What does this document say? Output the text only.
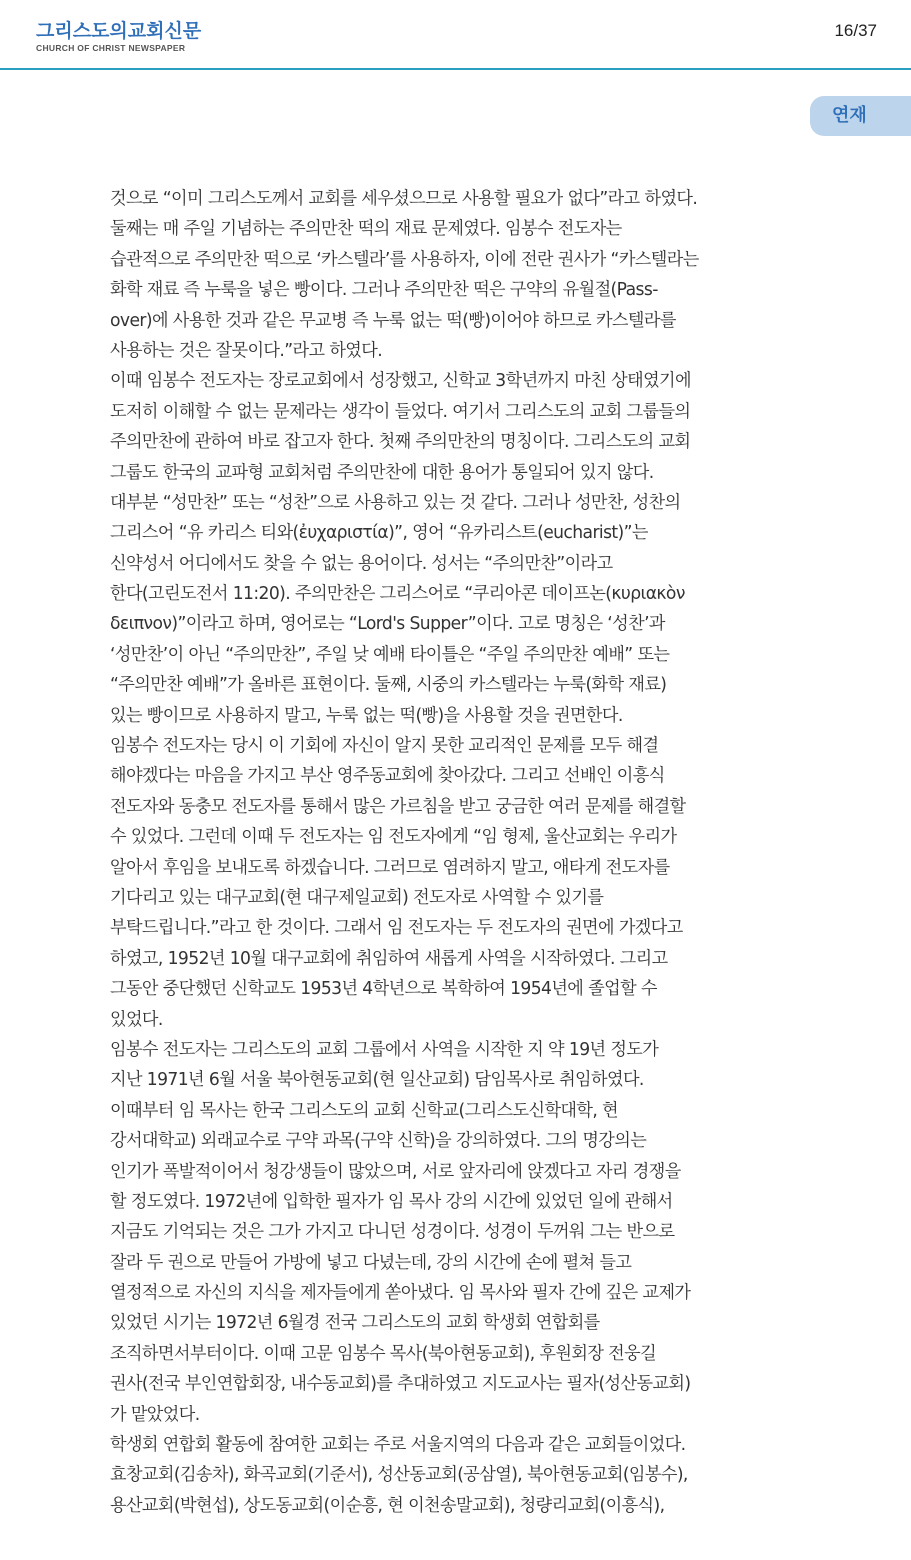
그리스도의교회신문
CHURCH OF CHRIST NEWSPAPER
16/37
연재
것으로 “이미 그리스도께서 교회를 세우셨으므로 사용할 필요가 없다”라고 하였다.
둘째는 매 주일 기념하는 주의만찬 떡의 재료 문제였다. 임봉수 전도자는
습관적으로 주의만찬 떡으로 ‘카스텔라’를 사용하자, 이에 전란 권사가 “카스텔라는
화학 재료 즉 누룩을 넣은 빵이다. 그러나 주의만찬 떡은 구약의 유월절(Pass-
over)에 사용한 것과 같은 무교병 즉 누룩 없는 떡(빵)이어야 하므로 카스텔라를
사용하는 것은 잘못이다.”라고 하였다.
이때 임봉수 전도자는 장로교회에서 성장했고, 신학교 3학년까지 마친 상태였기에
도저히 이해할 수 없는 문제라는 생각이 들었다. 여기서 그리스도의 교회 그룹들의
주의만찬에 관하여 바로 잡고자 한다. 첫째 주의만찬의 명칭이다. 그리스도의 교회
그룹도 한국의 교파형 교회처럼 주의만찬에 대한 용어가 통일되어 있지 않다.
대부분 “성만찬” 또는 “성찬”으로 사용하고 있는 것 같다. 그러나 성만찬, 성찬의
그리스어 “유 카리스 티와(ἐυχαριστία)”, 영어 “유카리스트(eucharist)”는
신약성서 어디에서도 찾을 수 없는 용어이다. 성서는 “주의만찬”이라고
한다(고린도전서 11:20). 주의만찬은 그리스어로 “쿠리아콘 데이프논(κυριακὸν
δειπνον)”이라고 하며, 영어로는 “Lord's Supper”이다. 고로 명칭은 ‘성찬’과
‘성만찬’이 아닌 “주의만찬”, 주일 낮 예배 타이틀은 “주일 주의만찬 예배” 또는
“주의만찬 예배”가 올바른 표현이다. 둘째, 시중의 카스텔라는 누룩(화학 재료)
있는 빵이므로 사용하지 말고, 누룩 없는 떡(빵)을 사용할 것을 권면한다.
임봉수 전도자는 당시 이 기회에 자신이 알지 못한 교리적인 문제를 모두 해결
해야겠다는 마음을 가지고 부산 영주동교회에 찾아갔다. 그리고 선배인 이흥식
전도자와 동충모 전도자를 통해서 많은 가르침을 받고 궁금한 여러 문제를 해결할
수 있었다. 그런데 이때 두 전도자는 임 전도자에게 “임 형제, 울산교회는 우리가
알아서 후임을 보내도록 하겠습니다. 그러므로 염려하지 말고, 애타게 전도자를
기다리고 있는 대구교회(현 대구제일교회) 전도자로 사역할 수 있기를
부탁드립니다.”라고 한 것이다. 그래서 임 전도자는 두 전도자의 권면에 가겠다고
하였고, 1952년 10월 대구교회에 취임하여 새롭게 사역을 시작하였다. 그리고
그동안 중단했던 신학교도 1953년 4학년으로 복학하여 1954년에 졸업할 수
있었다.
임봉수 전도자는 그리스도의 교회 그룹에서 사역을 시작한 지 약 19년 정도가
지난 1971년 6월 서울 북아현동교회(현 일산교회) 담임목사로 취임하였다.
이때부터 임 목사는 한국 그리스도의 교회 신학교(그리스도신학대학, 현
강서대학교) 외래교수로 구약 과목(구약 신학)을 강의하였다. 그의 명강의는
인기가 폭발적이어서 청강생들이 많았으며, 서로 앞자리에 앉겠다고 자리 경쟁을
할 정도였다. 1972년에 입학한 필자가 임 목사 강의 시간에 있었던 일에 관해서
지금도 기억되는 것은 그가 가지고 다니던 성경이다. 성경이 두꺼워 그는 반으로
잘라 두 권으로 만들어 가방에 넣고 다녔는데, 강의 시간에 손에 펼쳐 들고
열정적으로 자신의 지식을 제자들에게 쏟아냈다. 임 목사와 필자 간에 깊은 교제가
있었던 시기는 1972년 6월경 전국 그리스도의 교회 학생회 연합회를
조직하면서부터이다. 이때 고문 임봉수 목사(북아현동교회), 후원회장 전웅길
권사(전국 부인연합회장, 내수동교회)를 추대하였고 지도교사는 필자(성산동교회)
가 맡았었다.
학생회 연합회 활동에 참여한 교회는 주로 서울지역의 다음과 같은 교회들이었다.
효창교회(김송차), 화곡교회(기준서), 성산동교회(공삼열), 북아현동교회(임봉수),
용산교회(박현섭), 상도동교회(이순흥, 현 이천송말교회), 청량리교회(이흥식),
